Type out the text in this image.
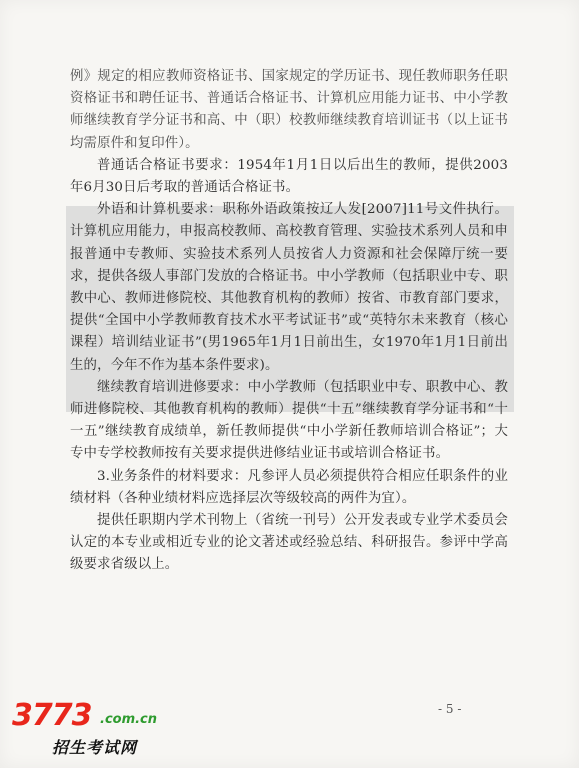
例》规定的相应教师资格证书、国家规定的学历证书、现任教师职务任职资格证书和聘任证书、普通话合格证书、计算机应用能力证书、中小学教师继续教育学分证书和高、中（职）校教师继续教育培训证书（以上证书均需原件和复印件）。

普通话合格证书要求：1954年1月1日以后出生的教师，提供2003年6月30日后考取的普通话合格证书。

外语和计算机要求：职称外语政策按辽人发[2007]11号文件执行。计算机应用能力，申报高校教师、高校教育管理、实验技术系列人员和申报普通中专教师、实验技术系列人员按省人力资源和社会保障厅统一要求，提供各级人事部门发放的合格证书。中小学教师（包括职业中专、职教中心、教师进修院校、其他教育机构的教师）按省、市教育部门要求，提供“全国中小学教师教育技术水平考试证书”或“英特尔未来教育（核心课程）培训结业证书”(男1965年1月1日前出生，女1970年1月1日前出生的，今年不作为基本条件要求)。

继续教育培训进修要求：中小学教师（包括职业中专、职教中心、教师进修院校、其他教育机构的教师）提供“十五”继续教育学分证书和“十一五”继续教育成绩单，新任教师提供“中小学新任教师培训合格证”；大专中专学校教师按有关要求提供进修结业证书或培训合格证书。

3.业务条件的材料要求：凡参评人员必须提供符合相应任职条件的业绩材料（各种业绩材料应选择层次等级较高的两件为宜）。

提供任职期内学术刊物上（省统一刊号）公开发表或专业学术委员会认定的本专业或相近专业的论文著述或经验总结、科研报告。参评中学高级要求省级以上。

- 5 -
3773 .com.cn
招生考试网
